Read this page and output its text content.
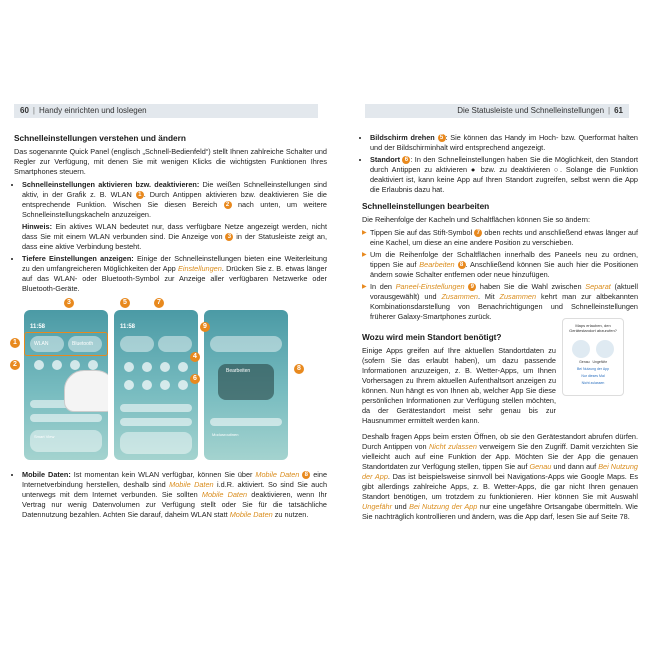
60 | Handy einrichten und loslegen	Die Statusleiste und Schnelleinstellungen | 61
Schnelleinstellungen verstehen und ändern

Das sogenannte Quick Panel (englisch „Schnell-Bedienfeld“) stellt Ihnen zahlreiche Schalter und Regler zur Verfügung, mit denen Sie mit wenigen Klicks die wichtigsten Funktionen Ihres Smartphones steuern.

• Schnelleinstellungen aktivieren bzw. deaktivieren: Die weißen Schnelleinstellungen sind aktiv, in der Grafik z. B. WLAN 1 . Durch Antippen aktivieren bzw. deaktivieren Sie die entsprechende Funktion. Wischen Sie diesen Bereich 2 nach unten, um weitere Schnelleinstellungskacheln anzuzeigen.
Hinweis: Ein aktives WLAN bedeutet nur, dass verfügbare Netze angezeigt werden, nicht dass Sie mit einem WLAN verbunden sind. Die Anzeige von 3 in der Statusleiste zeigt an, dass eine aktive Verbindung besteht.
• Tiefere Einstellungen anzeigen: Einige der Schnelleinstellungen bieten eine Weiterleitung zu den umfangreicheren Möglichkeiten der App Einstellungen. Drücken Sie z. B. etwas länger auf das WLAN- oder Bluetooth-Symbol zur Anzeige aller verfügbaren Netzwerke oder Bluetooth-Geräte.
11:58
WLAN	Bluetooth
Smart View
11:58
Bearbeiten
Modusroutinen
1
2
3
4
5
6
7
8
9
• Mobile Daten: Ist momentan kein WLAN verfügbar, können Sie über Mobile Daten 8 eine Internetverbindung herstellen, deshalb sind Mobile Daten i.d.R. aktiviert. So sind Sie auch unterwegs mit dem Internet verbunden. Sie sollten Mobile Daten deaktivieren, wenn Ihr Vertrag nur wenig Datenvolumen zur Verfügung stellt oder Sie für die tatsächliche Datennutzung bezahlen. Achten Sie darauf, daheim WLAN statt Mobile Daten zu nutzen.
• Bildschirm drehen 5 : Sie können das Handy im Hoch- bzw. Querformat halten und der Bildschirminhalt wird entsprechend angezeigt.
• Standort 6 : In den Schnelleinstellungen haben Sie die Möglichkeit, den Standort durch Antippen zu aktivieren ● bzw. zu deaktivieren ○. Solange die Funktion deaktiviert ist, kann keine App auf Ihren Standort zugreifen, selbst wenn die App die Erlaubnis dazu hat.
Schnelleinstellungen bearbeiten

Die Reihenfolge der Kacheln und Schaltflächen können Sie so ändern:

▶ Tippen Sie auf das Stift-Symbol 7 oben rechts und anschließend etwas länger auf eine Kachel, um diese an eine andere Position zu verschieben.
▶ Um die Reihenfolge der Schaltflächen innerhalb des Paneels neu zu ordnen, tippen Sie auf Bearbeiten 8 . Anschließend können Sie auch hier die Positionen ändern sowie Schalter entfernen oder neue hinzufügen.
▶ In den Paneel-Einstellungen 9 haben Sie die Wahl zwischen Separat (aktuell vorausgewählt) und Zusammen. Mit Zusammen kehrt man zur altbekannten Kombinationsdarstellung von Benachrichtigungen und Schnelleinstellungen früherer Galaxy-Smartphones zurück.
Wozu wird mein Standort benötigt?

Einige Apps greifen auf Ihre aktuellen Standortdaten zu (sofern Sie das erlaubt haben), um dazu passende Informationen anzuzeigen, z. B. Wetter-Apps, um Ihnen Vorhersagen zu Ihrem aktuellen Aufenthaltsort anzeigen zu können. Nun hängt es von Ihnen ab, welcher App Sie diese persönlichen Informationen zur Verfügung stellen möchten, da der Gerätestandort meist sehr genau bis zur Hausnummer ermittelt werden kann.

Maps erlauben, den Gerätestandort abzurufen?
Genau Ungefähr
Bei Nutzung der App
Nur dieses Mal
Nicht zulassen

Deshalb fragen Apps beim ersten Öffnen, ob sie den Gerätestandort abrufen dürfen. Durch Antippen von Nicht zulassen verweigern Sie den Zugriff. Damit verzichten Sie vielleicht auch auf eine Funktion der App. Möchten Sie der App die genauen Standortdaten zur Verfügung stellen, tippen Sie auf Genau und dann auf Bei Nutzung der App. Das ist beispielsweise sinnvoll bei Navigations-Apps wie Google Maps. Es gibt allerdings zahlreiche Apps, z. B. Wetter-Apps, die gar nicht Ihren genauen Standort benötigen, um trotzdem zu funktionieren. Hier können Sie mit Auswahl Ungefähr und Bei Nutzung der App nur eine ungefähre Ortsangabe übermitteln. Wie Sie nachträglich kontrollieren und ändern, was die App darf, lesen Sie auf Seite 78.
